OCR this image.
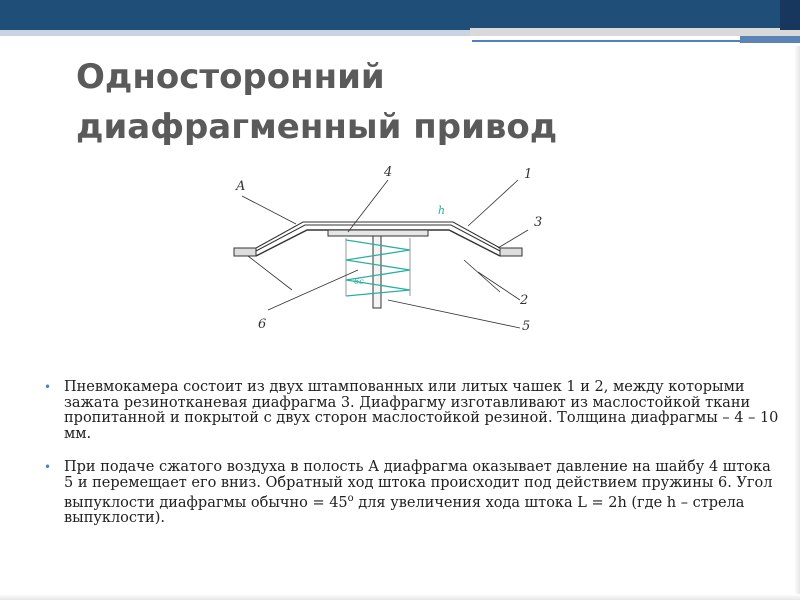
Односторонний
диафрагменный привод
A
4	1
3
2
5
6
h
6с
• Пневмокамера состоит из двух штампованных или литых чашек 1 и 2, между которыми зажата резинотканевая диафрагма 3. Диафрагму изготавливают из маслостойкой ткани пропитанной и покрытой с двух сторон маслостойкой резиной. Толщина диафрагмы – 4 – 10 мм.
• При подаче сжатого воздуха в полость А диафрагма оказывает давление на шайбу 4 штока 5 и перемещает его вниз. Обратный ход штока происходит под действием пружины 6. Угол выпуклости диафрагмы обычно = $45^о$ для увеличения хода штока L = 2h (где h – стрела выпуклости).
